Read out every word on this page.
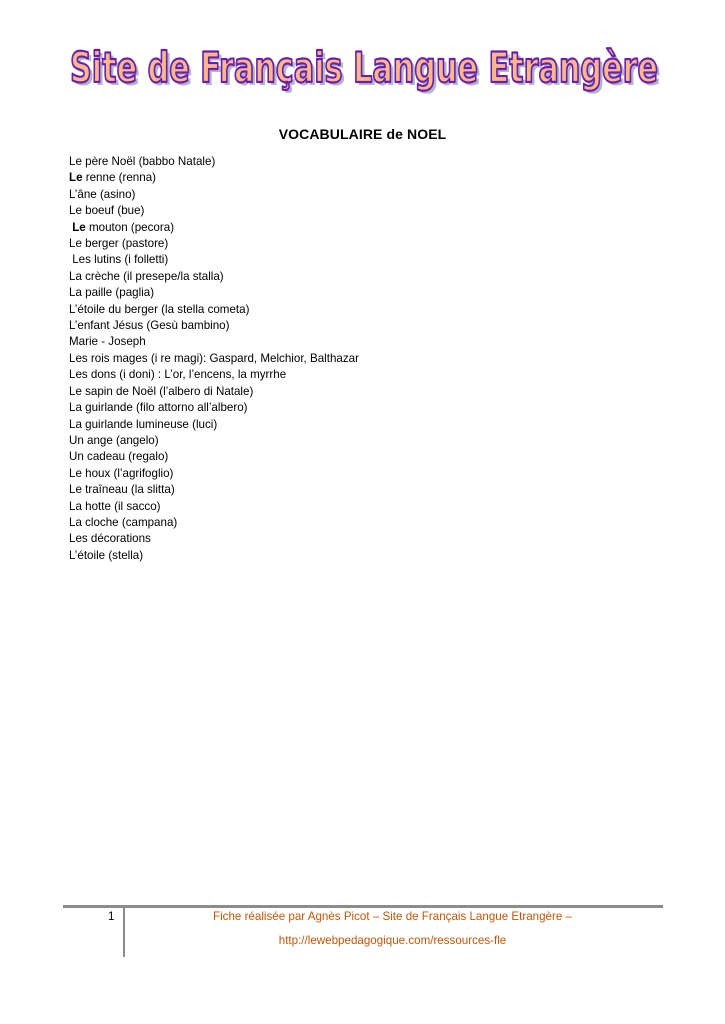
Site de Français Langue Etrangère
Site de Français Langue Etrangère
VOCABULAIRE de NOEL
Le père Noël (babbo Natale)
Le renne (renna)
L’âne (asino)
Le boeuf (bue)
Le mouton (pecora)
Le berger (pastore)
Les lutins (i folletti)
La crèche (il presepe/la stalla)
La paille (paglia)
L’étoile du berger (la stella cometa)
L’enfant Jésus (Gesù bambino)
Marie - Joseph
Les rois mages (i re magi): Gaspard, Melchior, Balthazar
Les dons (i doni) : L’or, l’encens, la myrrhe
Le sapin de Noël (l’albero di Natale)
La guirlande (filo attorno all’albero)
La guirlande lumineuse (luci)
Un ange (angelo)
Un cadeau (regalo)
Le houx (l’agrifoglio)
Le traîneau (la slitta)
La hotte (il sacco)
La cloche (campana)
Les décorations
L’étoile (stella)
1	Fiche réalisée par Agnès Picot – Site de Français Langue Etrangère –
http://lewebpedagogique.com/ressources-fle
